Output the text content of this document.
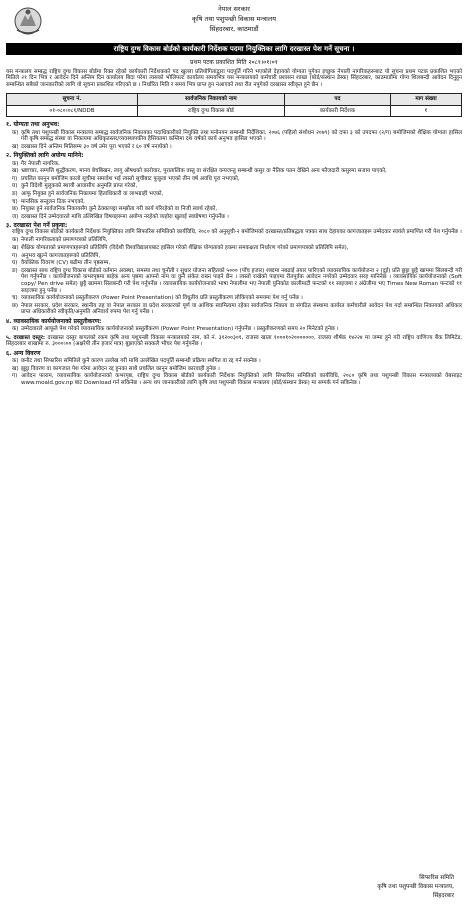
नेपाल सरकार
कृषि तथा पशुपन्छी विकास मन्त्रालय
सिंहदरबार, काठमाडौं
राष्ट्रिय दुग्ध विकास बोर्डको कार्यकारी निर्देशक पदमा नियुक्तिका लागि दरखास्त पेश गर्ने सूचना ।
प्रथम पटक प्रकाशित मिति २०८१।०१।०१
यस मन्त्रालय सम्बद्ध राष्ट्रिय दुग्ध विकास बोर्डमा रिक्त रहेको कार्यकारी निर्देशकको पद खुल्ला प्रतियोगिताद्वारा पदपूर्ति गरिने भएकोले देहायको योग्यता पुगेका इच्छुक नेपाली नागरिकहरूबाट यो सूचना प्रथम पटक प्रकाशित भएको मितिले २१ दिन भित्र र आवेदन दिने अन्तिम दिन कार्यालय बिदा परेमा त्यसको भोलिपल्ट कार्यालय समयभित्र यस मन्त्रालयको कर्मचारी प्रशासन शाखा (बोर्ड/संस्थान डेस्क) सिंहदरबार, काठमाडौंमा गोप्य शिलबन्दी आवेदन दिनुहुन सम्बन्धित सबैको जानकारीको लागि यो सूचना प्रकाशित गरिएको छ । निर्धारित मिति र समय भित्र प्राप्त हुन नआएको तथा रीत नपुगेको दरखास्त स्वीकृत हुने छैन ।
सूचना नं.	सार्वजनिक निकायको नाम	पद	माग संख्या
०१-०८०।०८१/NDDB	राष्ट्रिय दुग्ध विकास बोर्ड	कार्यकारी निर्देशक	१
१. योग्यता तथा अनुभव:
क) कृषि तथा पशुपन्छी विकास मन्त्रालय सम्बद्ध सार्वजनिक निकायका पदाधिकारीको नियुक्ति तथा मनोनयन सम्बन्धी निर्देशिका, २०७६ (पहिलो संशोधन २०७९) को दफा ३ को उपदफा (२/ग) बमोजिमको शैक्षिक योग्यता हासिल गरी कृषि सम्बद्ध संस्था वा निकायमा अधिकृतस्तर/व्यवस्थापकीय हैसियतमा कम्तिमा दश वर्षको कार्य अनुभव हासिल भएको ।
ख) दरखास्त दिने अन्तिम मितिसम्म ३० वर्ष उमेर पूरा भएको र ६० वर्ष ननाघेको ।
२. नियुक्तिको लागि अयोग्य मानिने:
क) गैर नेपाली नागरिक,
ख) भ्रष्टाचार, सम्पत्ति शुद्धीकरण, मानव बेचबिखन, लागू औषधको कारोवार, पुरातात्विक वस्तु वा संरक्षित वन्यजन्तु सम्बन्धी कसुर वा नैतिक पतन देखिने अन्य फौजदारी कसुरमा सजाय पाएको,
ग) प्रचलित कानून बमोजिम कालो सूचीमा समावेश भई त्यस्तो सूचीबाट फुकुवा भएको तीन वर्ष अवधि पूरा नभएको,
घ) कुनै विदेशी मुलुकको स्थायी आवासीय अनुमति प्राप्त गरेको,
ङ) आफू नियुक्त हुने सार्वजनिक निकायमा हिताधिकारी वा लाभग्राही भएको,
च) मानसिक सन्तुलन ठिक नभएको,
छ) नियुक्त हुने सार्वजनिक निकायसँग कुनै ठेक्कापट्टा सम्झौता गरी कार्य गरिरहेको वा निजी स्वार्थ रहेको,
ज) दरखास्त दिने उम्मेदवारले माथि उल्लिखित विषयहरूमा अयोग्य नरहेको व्यहोरा खुलाई स्वघोषणा गर्नुपर्नेछ ।
३. दरखास्त पेश गर्ने प्रकृया:
राष्ट्रिय दुग्ध विकास बोर्डको कार्यकारी निर्देशक नियुक्तिका लागि सिफारिस समितिको कार्यविधि, २०८० को अनुसूची-२ बमोजिमको दरखास्त/प्रतिबद्धता पत्रका साथ देहायका कागजातहरू उम्मेदवार स्वयंले प्रमाणित गरी पेश गर्नुपर्नेछ ।
क) नेपाली नागरिकताको प्रमाणपत्रको प्रतिलिपि,
ख) शैक्षिक योग्यताको प्रमाणपत्रहरूको प्रतिलिपि (विदेशी विश्वविद्यालयबाट हासिल गरेको शैक्षिक योग्यताको हकमा समकक्षता निर्धारण गरेको प्रमाणपत्रको प्रतिलिपि समेत),
ग) अनुभव खुल्ने कागजातहरूको प्रतिलिपि,
घ) वैयक्तिक विवरण (CV) बढीमा तीन पृष्ठसम्म,
ङ) दरखास्त साथ राष्ट्रिय दुग्ध विकास बोर्डको वर्तमान अवस्था, समस्या तथा चुनौती र सुधार योजना सहितको ५००० (पाँच हजार) शब्दमा नबढाई तयार पारिएको व्यावसायिक कार्ययोजना २ (दुई) प्रति छुट्टा छुट्टै खाममा सिलबन्दी गरी पेश गर्नुपर्नेछ । कार्ययोजनाको कभरपृष्ठमा बाहेक अन्य पृष्ठमा आफ्नो नाम वा कुनै संकेत राख्न पाइने छैन । त्यस्तो राखेको पाइएमा रीतपूर्वक आवेदन नगरेको उम्मेदवार सरह मानिनेछ । व्यावसायिक कार्ययोजनाको (Soft copy/ Pen drive समेत) छुट्टै खाममा सिलबन्दी गरी पेश गर्नुपर्नेछ । व्यावसायिक कार्ययोजनाको भाषा नेपालीमा भए नेपाली युनिकोड कालीमाटी फन्टको ११ साइजमा र अंग्रेजीमा भए Times New Roman फन्टको ११ साइजमा हुनु पर्नेछ ।
च) व्यावसायिक कार्ययोजनाको प्रस्तुतीकरण (Power Point Presentation) को विधुतीय प्रति प्रस्तुतीकरण लोकिएको समयमा पेश गर्नु पर्नेछ ।
छ) नेपाल सरकार, प्रदेश सरकार, स्थानीय तह वा नेपाल सरकार वा प्रदेश सरकारको पूर्ण वा आंशिक स्वामित्वमा रहेका सार्वजनिक निकाय वा संगठित संस्थामा कार्यरत कर्मचारीले आवेदन पेश गर्दा सम्बन्धित निकायको अधिकार प्राप्त अधिकारीको स्वीकृति/अनुमति अनिवार्य रुपमा पेश गर्नु पर्नेछ ।
४. व्यावसायिक कार्ययोजनाको प्रस्तुतीकरण:
क) उम्मेदवारले आफूले पेश गरेको व्यावसायिक कार्ययोजनाको प्रस्तुतीकरण (Power Point Presentation) गर्नुपर्नेछ । प्रस्तुतीकरणको समय २० मिनेटको हुनेछ ।
५. दरखास्त दस्तुर: दरखास्त दस्तुर बापतको रकम कृषि तथा पशुपन्छी विकास मन्त्रालयको नाम, को नं. ३१२००३०१, राजस्व खाता १०००१०२०००००००, राजस्व शीर्षक १४२२४ मा जम्मा हुने गरी राष्ट्रिय वाणिज्य बैंक लिमिटेड, सिंहदरबार शाखामा रु. ३०००।०० (अक्षरेपी तीन हजार मात्र) बुझाएको सक्कलै भौचर पेश गर्नुपर्नेछ ।
६. अन्य विवरण
क) छनौट तथा सिफारिस समितिले कुनै कारण उल्लेख गरी माथि उल्लेखित पदपूर्ति सम्बन्धी प्रक्रिया स्थगित वा रद्द गर्न सक्नेछ ।
ख) झुट्ठा विवरण वा कागजात पेश गरेमा आवेदन रद्द हुनका साथै प्रचलित कानून बमोजिम कारवाही हुनेछ ।
ग) आवेदन फाराम, व्यावसायिक कार्ययोजनाको कभरपृष्ठ, राष्ट्रिय दुग्ध विकास बोर्डको कार्यकारी निर्देशक नियुक्तिको लागि सिफारिस समितिको कार्यविधि, २०८० कृषि तथा पशुपन्छी विकास मन्त्रालयको वेबसाइट www.moald.gov.np बाट Download गर्न सकिनेछ । अन्य थप जानकारीको लागि कृषि तथा पशुपन्छी विकास मन्त्रालय (बोर्ड/संस्थान डेस्क) मा सम्पर्क गर्न सकिनेछ ।
सिफारिस समिति
कृषि तथा पशुपन्छी विकास मन्त्रालय,
सिंहदरबार
